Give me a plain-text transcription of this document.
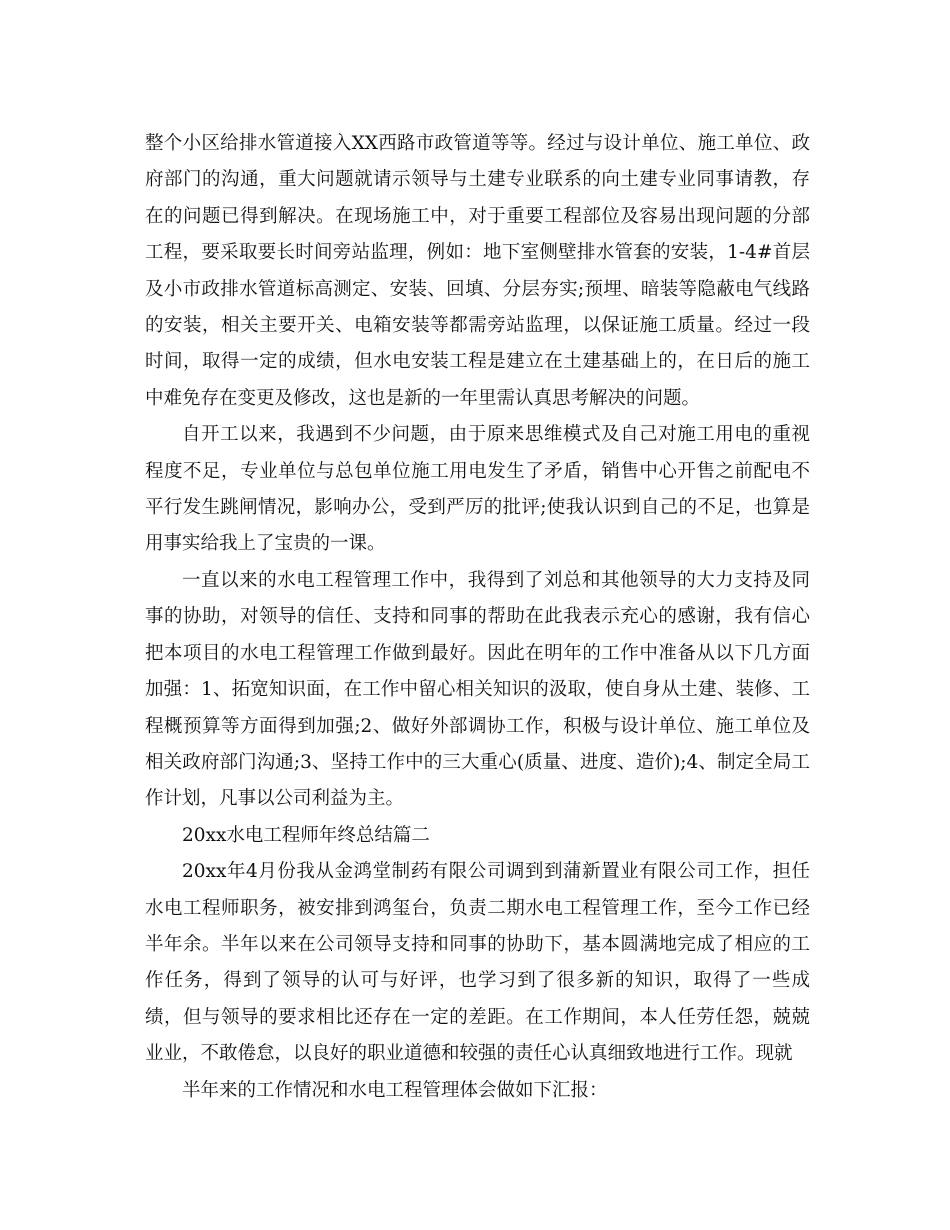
整个小区给排水管道接入XX西路市政管道等等。经过与设计单位、施工单位、政府部门的沟通，重大问题就请示领导与土建专业联系的向土建专业同事请教，存在的问题已得到解决。在现场施工中，对于重要工程部位及容易出现问题的分部工程，要采取要长时间旁站监理，例如：地下室侧壁排水管套的安装，1-4#首层及小市政排水管道标高测定、安装、回填、分层夯实;预埋、暗装等隐蔽电气线路的安装，相关主要开关、电箱安装等都需旁站监理，以保证施工质量。经过一段时间，取得一定的成绩，但水电安装工程是建立在土建基础上的，在日后的施工中难免存在变更及修改，这也是新的一年里需认真思考解决的问题。

自开工以来，我遇到不少问题，由于原来思维模式及自己对施工用电的重视程度不足，专业单位与总包单位施工用电发生了矛盾，销售中心开售之前配电不平行发生跳闸情况，影响办公，受到严厉的批评;使我认识到自己的不足，也算是用事实给我上了宝贵的一课。

一直以来的水电工程管理工作中，我得到了刘总和其他领导的大力支持及同事的协助，对领导的信任、支持和同事的帮助在此我表示充心的感谢，我有信心把本项目的水电工程管理工作做到最好。因此在明年的工作中准备从以下几方面加强：1、拓宽知识面，在工作中留心相关知识的汲取，使自身从土建、装修、工程概预算等方面得到加强;2、做好外部调协工作，积极与设计单位、施工单位及相关政府部门沟通;3、坚持工作中的三大重心(质量、进度、造价);4、制定全局工作计划，凡事以公司利益为主。

20xx水电工程师年终总结篇二

20xx年4月份我从金鸿堂制药有限公司调到到蒲新置业有限公司工作，担任水电工程师职务，被安排到鸿玺台，负责二期水电工程管理工作，至今工作已经半年余。半年以来在公司领导支持和同事的协助下，基本圆满地完成了相应的工作任务，得到了领导的认可与好评，也学习到了很多新的知识，取得了一些成绩，但与领导的要求相比还存在一定的差距。在工作期间，本人任劳任怨，兢兢业业，不敢倦怠，以良好的职业道德和较强的责任心认真细致地进行工作。现就

半年来的工作情况和水电工程管理体会做如下汇报：
